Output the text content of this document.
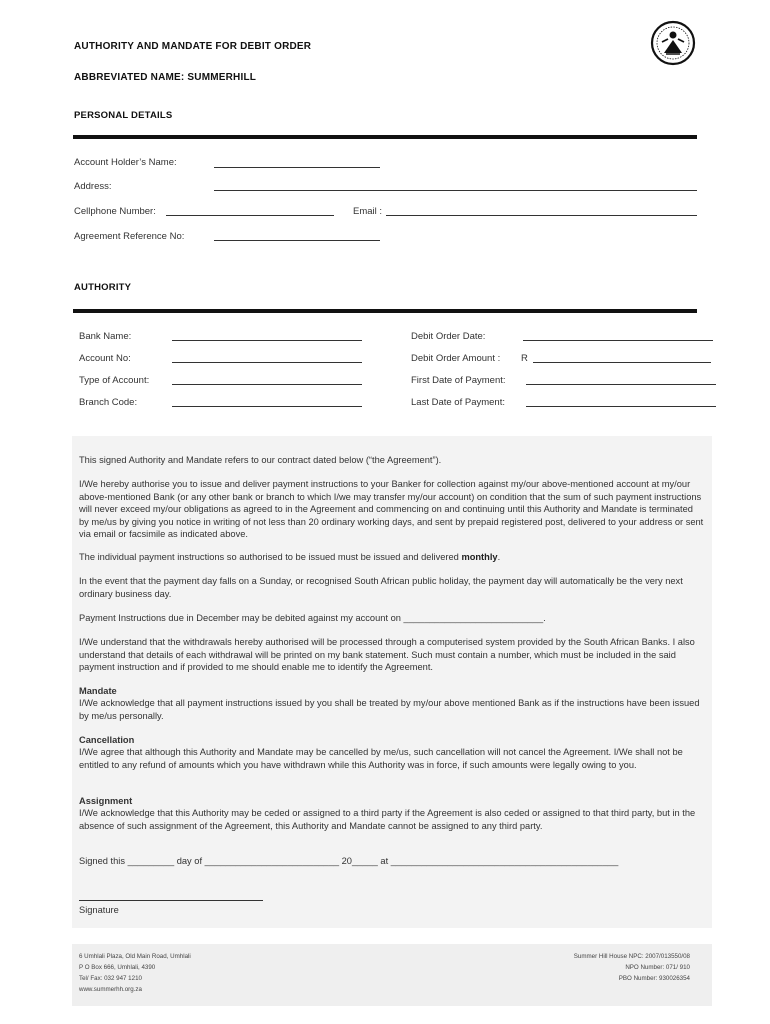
AUTHORITY AND MANDATE FOR DEBIT ORDER
ABBREVIATED NAME: SUMMERHILL
PERSONAL DETAILS
Account Holder’s Name:
Address:
Cellphone Number:	Email :
Agreement Reference No:
AUTHORITY
Bank Name:
Account No:
Type of Account:
Branch Code:
Debit Order Date:
Debit Order Amount : R
First Date of Payment:
Last Date of Payment:
This signed Authority and Mandate refers to our contract dated below (“the Agreement”).
I/We hereby authorise you to issue and deliver payment instructions to your Banker for collection against my/our above-mentioned account at my/our above-mentioned Bank (or any other bank or branch to which I/we may transfer my/our account) on condition that the sum of such payment instructions will never exceed my/our obligations as agreed to in the Agreement and commencing on and continuing until this Authority and Mandate is terminated by me/us by giving you notice in writing of not less than 20 ordinary working days, and sent by prepaid registered post, delivered to your address or sent via email or facsimile as indicated above.
The individual payment instructions so authorised to be issued must be issued and delivered monthly.
In the event that the payment day falls on a Sunday, or recognised South African public holiday, the payment day will automatically be the very next ordinary business day.
Payment Instructions due in December may be debited against my account on ___________________________.
I/We understand that the withdrawals hereby authorised will be processed through a computerised system provided by the South African Banks. I also understand that details of each withdrawal will be printed on my bank statement. Such must contain a number, which must be included in the said payment instruction and if provided to me should enable me to identify the Agreement.
Mandate
I/We acknowledge that all payment instructions issued by you shall be treated by my/our above mentioned Bank as if the instructions have been issued by me/us personally.
Cancellation
I/We agree that although this Authority and Mandate may be cancelled by me/us, such cancellation will not cancel the Agreement. I/We shall not be entitled to any refund of amounts which you have withdrawn while this Authority was in force, if such amounts were legally owing to you.
Assignment
I/We acknowledge that this Authority may be ceded or assigned to a third party if the Agreement is also ceded or assigned to that third party, but in the absence of such assignment of the Agreement, this Authority and Mandate cannot be assigned to any third party.
Signed this _________ day of __________________________ 20_____ at ____________________________________________
Signature
6 Umhlali Plaza, Old Main Road, Umhlali
P O Box 666, Umhlali, 4390
Tel/ Fax: 032 947 1210
www.summerhh.org.za
Summer Hill House NPC: 2007/013550/08
NPO Number: 071/ 910
PBO Number: 930026354
